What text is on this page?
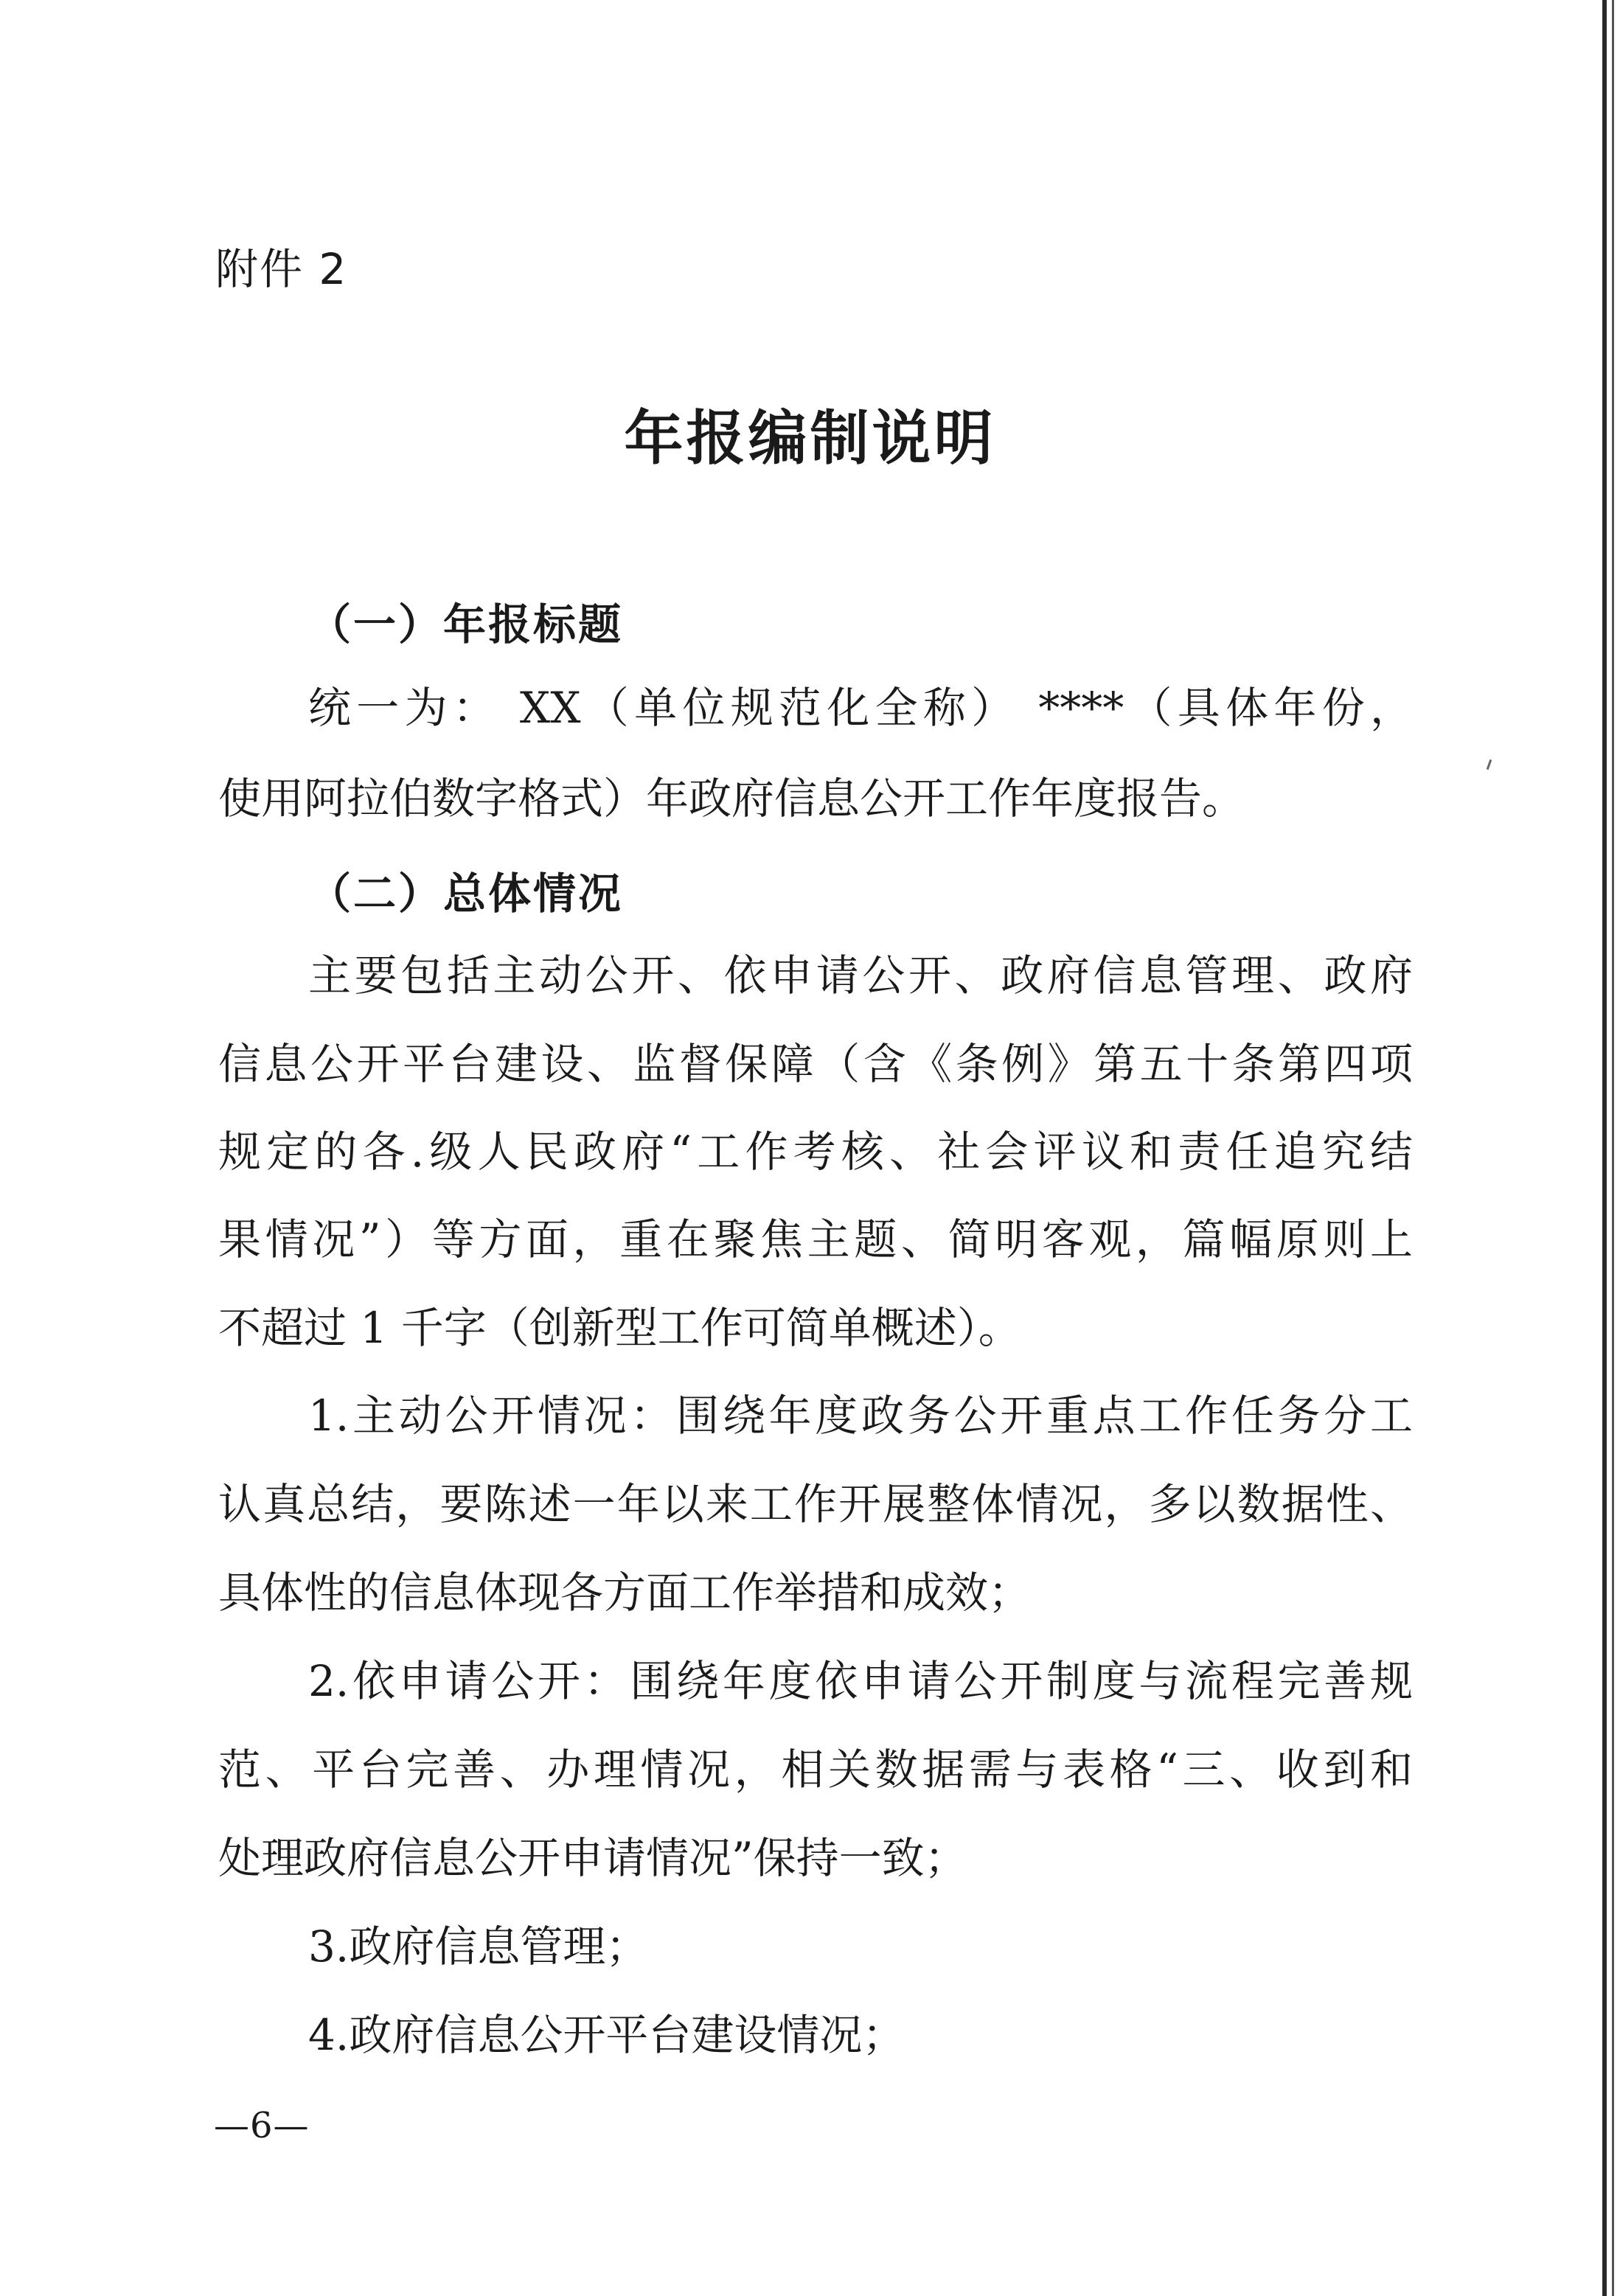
附件 2

年报编制说明
（一）年报标题

统一为： XX（单位规范化全称） ****（具体年份，

使用阿拉伯数字格式）年政府信息公开工作年度报告。

（二）总体情况

主要包括主动公开、依申请公开、政府信息管理、政府

信息公开平台建设、监督保障（含《条例》第五十条第四项

规定的各.级人民政府“工作考核、社会评议和责任追究结

果情况”）等方面，重在聚焦主题、简明客观，篇幅原则上

不超过 1 千字（创新型工作可简单概述）。

1.主动公开情况：围绕年度政务公开重点工作任务分工

认真总结，要陈述一年以来工作开展整体情况，多以数据性、

具体性的信息体现各方面工作举措和成效；

2.依申请公开：围绕年度依申请公开制度与流程完善规

范、平台完善、办理情况，相关数据需与表格“三、收到和

处理政府信息公开申请情况”保持一致；

3.政府信息管理；

4.政府信息公开平台建设情况；

—6—
